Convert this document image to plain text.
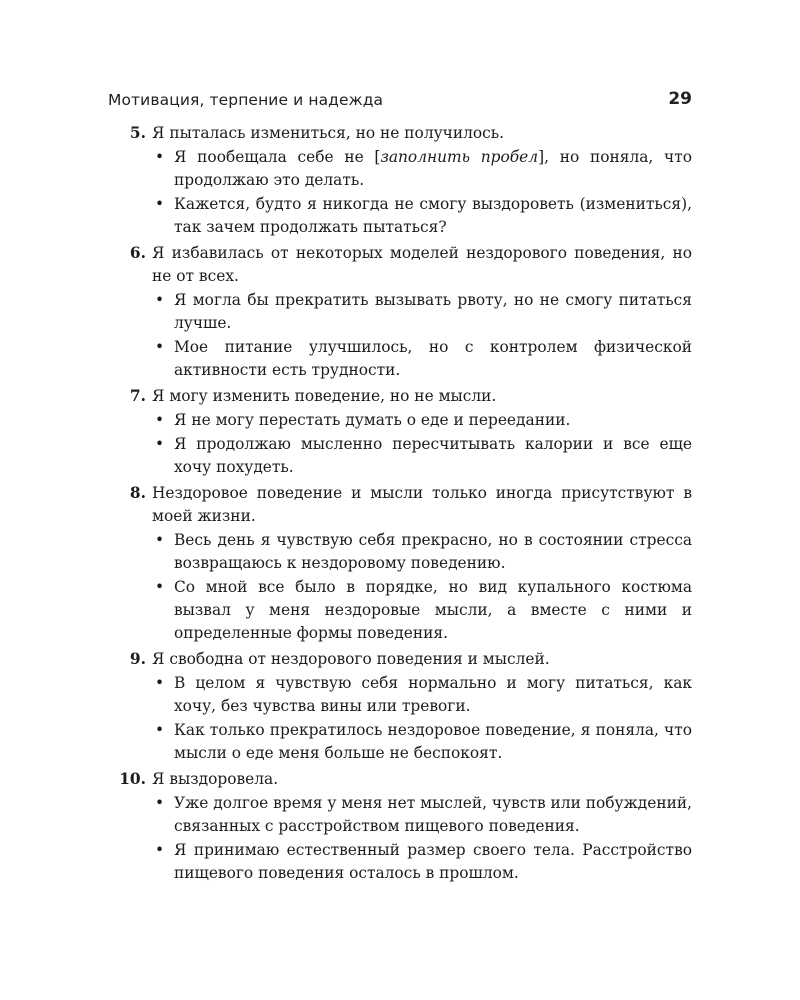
Мотивация, терпение и надежда	29
5. Я пыталась измениться, но не получилось.
• Я пообещала себе не [заполнить пробел], но поняла, что продолжаю это делать.
• Кажется, будто я никогда не смогу выздороветь (измениться), так зачем продолжать пытаться?
6. Я избавилась от некоторых моделей нездорового поведения, но не от всех.
• Я могла бы прекратить вызывать рвоту, но не смогу питаться лучше.
• Мое питание улучшилось, но с контролем физической активности есть трудности.
7. Я могу изменить поведение, но не мысли.
• Я не могу перестать думать о еде и переедании.
• Я продолжаю мысленно пересчитывать калории и все еще хочу похудеть.
8. Нездоровое поведение и мысли только иногда присутствуют в моей жизни.
• Весь день я чувствую себя прекрасно, но в состоянии стресса возвращаюсь к нездоровому поведению.
• Со мной все было в порядке, но вид купального костюма вызвал у меня нездоровые мысли, а вместе с ними и определенные формы поведения.
9. Я свободна от нездорового поведения и мыслей.
• В целом я чувствую себя нормально и могу питаться, как хочу, без чувства вины или тревоги.
• Как только прекратилось нездоровое поведение, я поняла, что мысли о еде меня больше не беспокоят.
10. Я выздоровела.
• Уже долгое время у меня нет мыслей, чувств или побуждений, связанных с расстройством пищевого поведения.
• Я принимаю естественный размер своего тела. Расстройство пищевого поведения осталось в прошлом.
